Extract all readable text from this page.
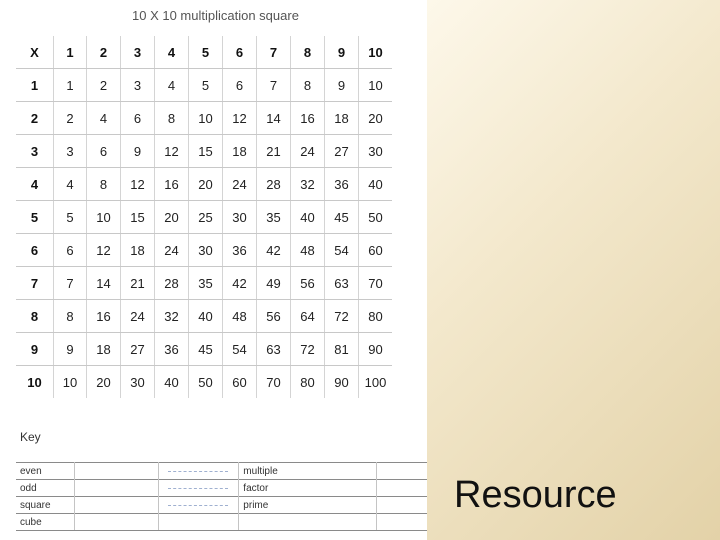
10 X 10 multiplication square
X	1	2	3	4	5	6	7	8	9	10
1	1	2	3	4	5	6	7	8	9	10
2	2	4	6	8	10	12	14	16	18	20
3	3	6	9	12	15	18	21	24	27	30
4	4	8	12	16	20	24	28	32	36	40
5	5	10	15	20	25	30	35	40	45	50
6	6	12	18	24	30	36	42	48	54	60
7	7	14	21	28	35	42	49	56	63	70
8	8	16	24	32	40	48	56	64	72	80
9	9	18	27	36	45	54	63	72	81	90
10	10	20	30	40	50	60	70	80	90	100
Key
even			multiple	
odd			factor	
square			prime	
cube				
Resource
